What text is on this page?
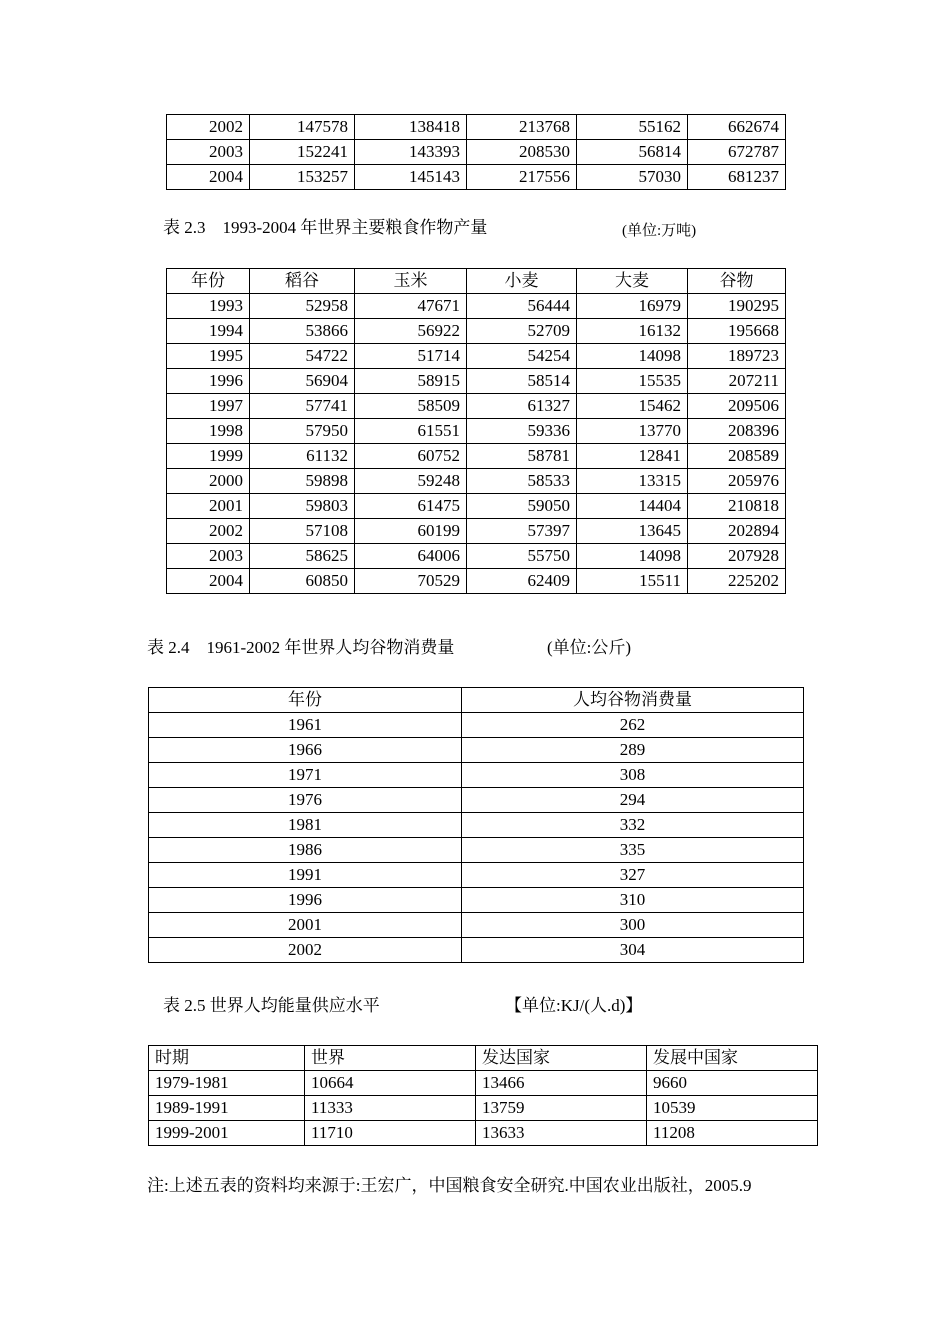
2002	147578	138418	213768	55162	662674
2003	152241	143393	208530	56814	672787
2004	153257	145143	217556	57030	681237
表 2.3　1993-2004 年世界主要粮食作物产量	(单位:万吨)
年份	稻谷	玉米	小麦	大麦	谷物
1993	52958	47671	56444	16979	190295
1994	53866	56922	52709	16132	195668
1995	54722	51714	54254	14098	189723
1996	56904	58915	58514	15535	207211
1997	57741	58509	61327	15462	209506
1998	57950	61551	59336	13770	208396
1999	61132	60752	58781	12841	208589
2000	59898	59248	58533	13315	205976
2001	59803	61475	59050	14404	210818
2002	57108	60199	57397	13645	202894
2003	58625	64006	55750	14098	207928
2004	60850	70529	62409	15511	225202
表 2.4　1961-2002 年世界人均谷物消费量	(单位:公斤)
年份	人均谷物消费量
1961	262
1966	289
1971	308
1976	294
1981	332
1986	335
1991	327
1996	310
2001	300
2002	304
表 2.5 世界人均能量供应水平	【单位:KJ/(人.d)】
时期	世界	发达国家	发展中国家
1979-1981	10664	13466	9660
1989-1991	11333	13759	10539
1999-2001	11710	13633	11208
注:上述五表的资料均来源于:王宏广，中国粮食安全研究.中国农业出版社，2005.9
